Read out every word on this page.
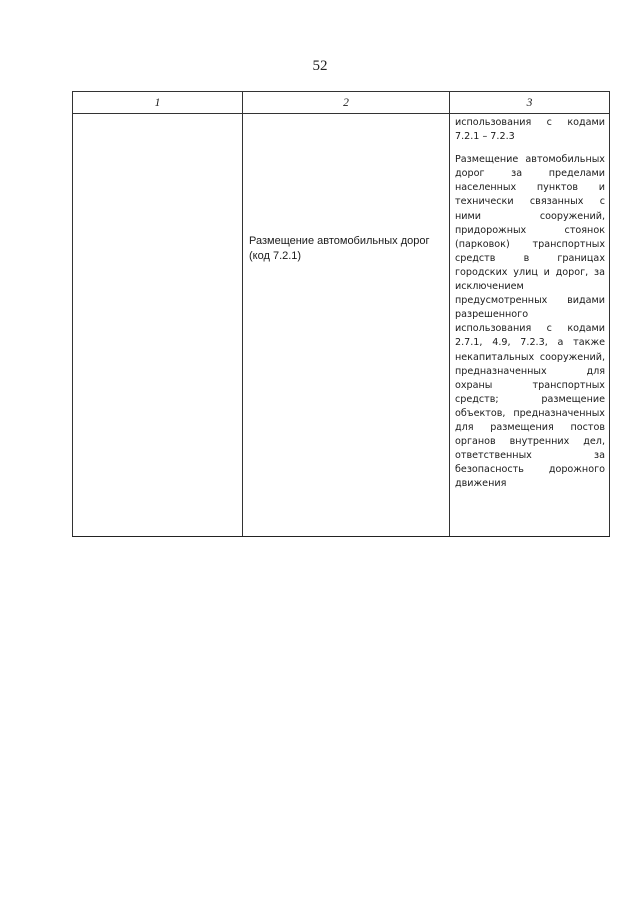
52
1	2	3

	Размещение автомобильных дорог (код 7.2.1)	использования с кодами 7.2.1 – 7.2.3
Размещение автомобильных дорог за пределами населенных пунктов и технически связанных с ними сооружений, придорожных стоянок (парковок) транспортных средств в границах городских улиц и дорог, за исключением предусмотренных видами разрешенного использования с кодами 2.7.1, 4.9, 7.2.3, а также некапитальных сооружений, предназначенных для охраны транспортных средств; размещение объектов, предназначенных для размещения постов органов внутренних дел, ответственных за безопасность дорожного движения
